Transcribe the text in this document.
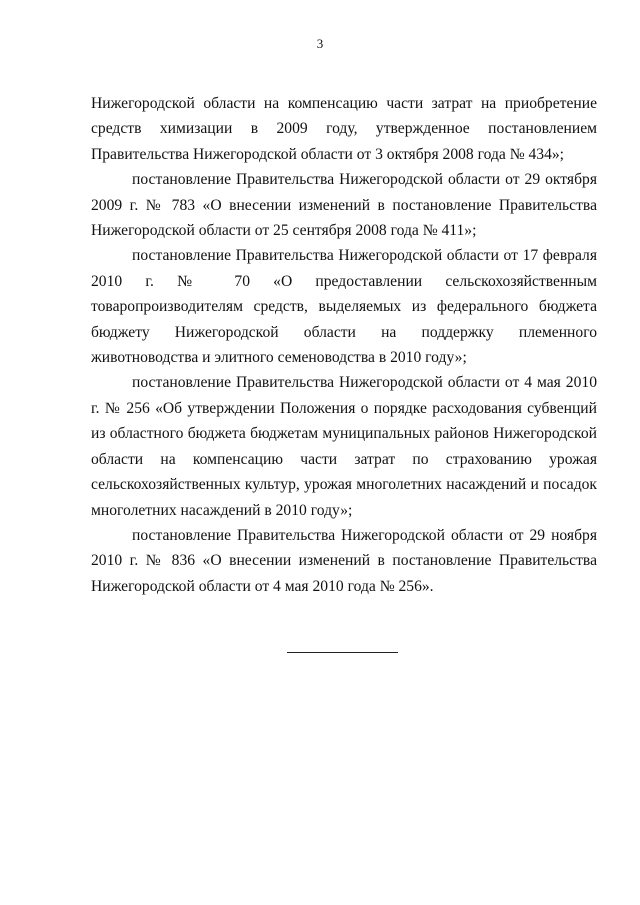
3

Нижегородской области на компенсацию части затрат на приобретение средств химизации в 2009 году, утвержденное постановлением Правительства Нижегородской области от 3 октября 2008 года № 434»;

постановление Правительства Нижегородской области от 29 октября 2009 г. № 783 «О внесении изменений в постановление Правительства Нижегородской области от 25 сентября 2008 года № 411»;

постановление Правительства Нижегородской области от 17 февраля 2010 г. № 70 «О предоставлении сельскохозяйственным товаропроизводителям средств, выделяемых из федерального бюджета бюджету Нижегородской области на поддержку племенного животноводства и элитного семеноводства в 2010 году»;

постановление Правительства Нижегородской области от 4 мая 2010 г. № 256 «Об утверждении Положения о порядке расходования субвенций из областного бюджета бюджетам муниципальных районов Нижегородской области на компенсацию части затрат по страхованию урожая сельскохозяйственных культур, урожая многолетних насаждений и посадок многолетних насаждений в 2010 году»;

постановление Правительства Нижегородской области от 29 ноября 2010 г. № 836 «О внесении изменений в постановление Правительства Нижегородской области от 4 мая 2010 года № 256».
